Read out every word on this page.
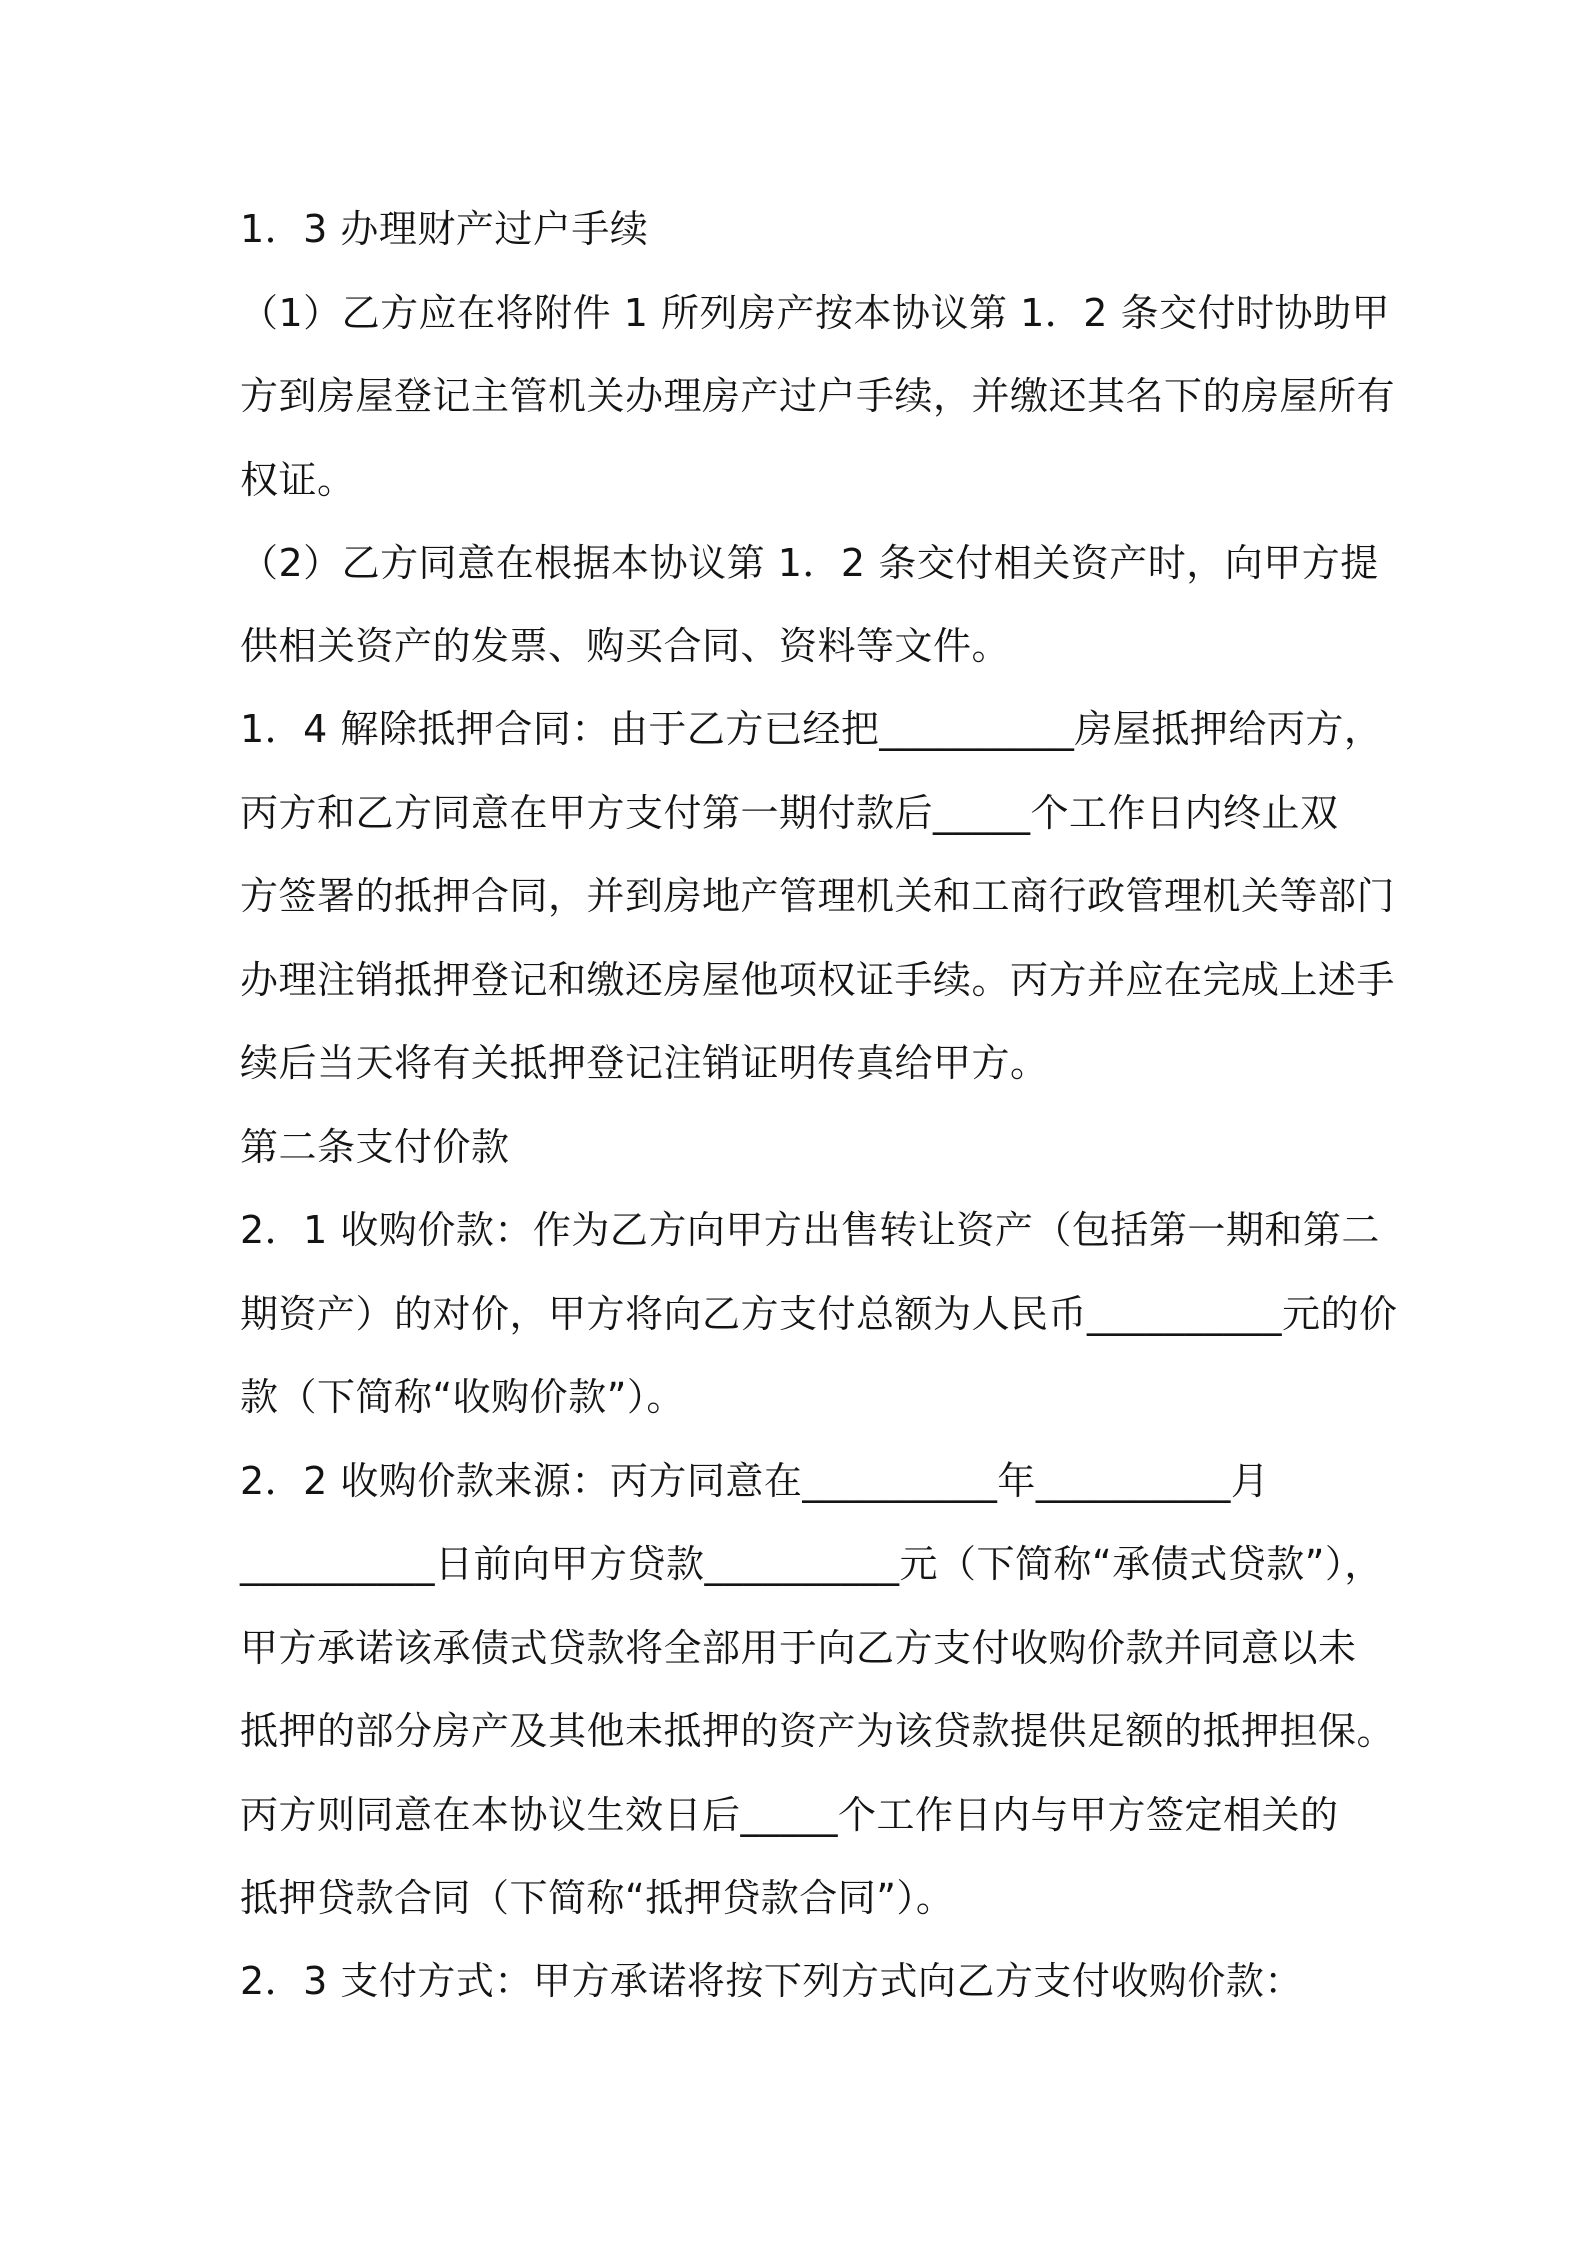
1．3 办理财产过户手续
（1）乙方应在将附件 1 所列房产按本协议第 1．2 条交付时协助甲
方到房屋登记主管机关办理房产过户手续，并缴还其名下的房屋所有
权证。
（2）乙方同意在根据本协议第 1．2 条交付相关资产时，向甲方提
供相关资产的发票、购买合同、资料等文件。
1．4 解除抵押合同：由于乙方已经把__________房屋抵押给丙方，
丙方和乙方同意在甲方支付第一期付款后_____个工作日内终止双
方签署的抵押合同，并到房地产管理机关和工商行政管理机关等部门
办理注销抵押登记和缴还房屋他项权证手续。丙方并应在完成上述手
续后当天将有关抵押登记注销证明传真给甲方。
第二条支付价款
2．1 收购价款：作为乙方向甲方出售转让资产（包括第一期和第二
期资产）的对价，甲方将向乙方支付总额为人民币__________元的价
款（下简称“收购价款”）。
2．2 收购价款来源：丙方同意在__________年__________月
__________日前向甲方贷款__________元（下简称“承债式贷款”），
甲方承诺该承债式贷款将全部用于向乙方支付收购价款并同意以未
抵押的部分房产及其他未抵押的资产为该贷款提供足额的抵押担保。
丙方则同意在本协议生效日后_____个工作日内与甲方签定相关的
抵押贷款合同（下简称“抵押贷款合同”）。
2．3 支付方式：甲方承诺将按下列方式向乙方支付收购价款：
